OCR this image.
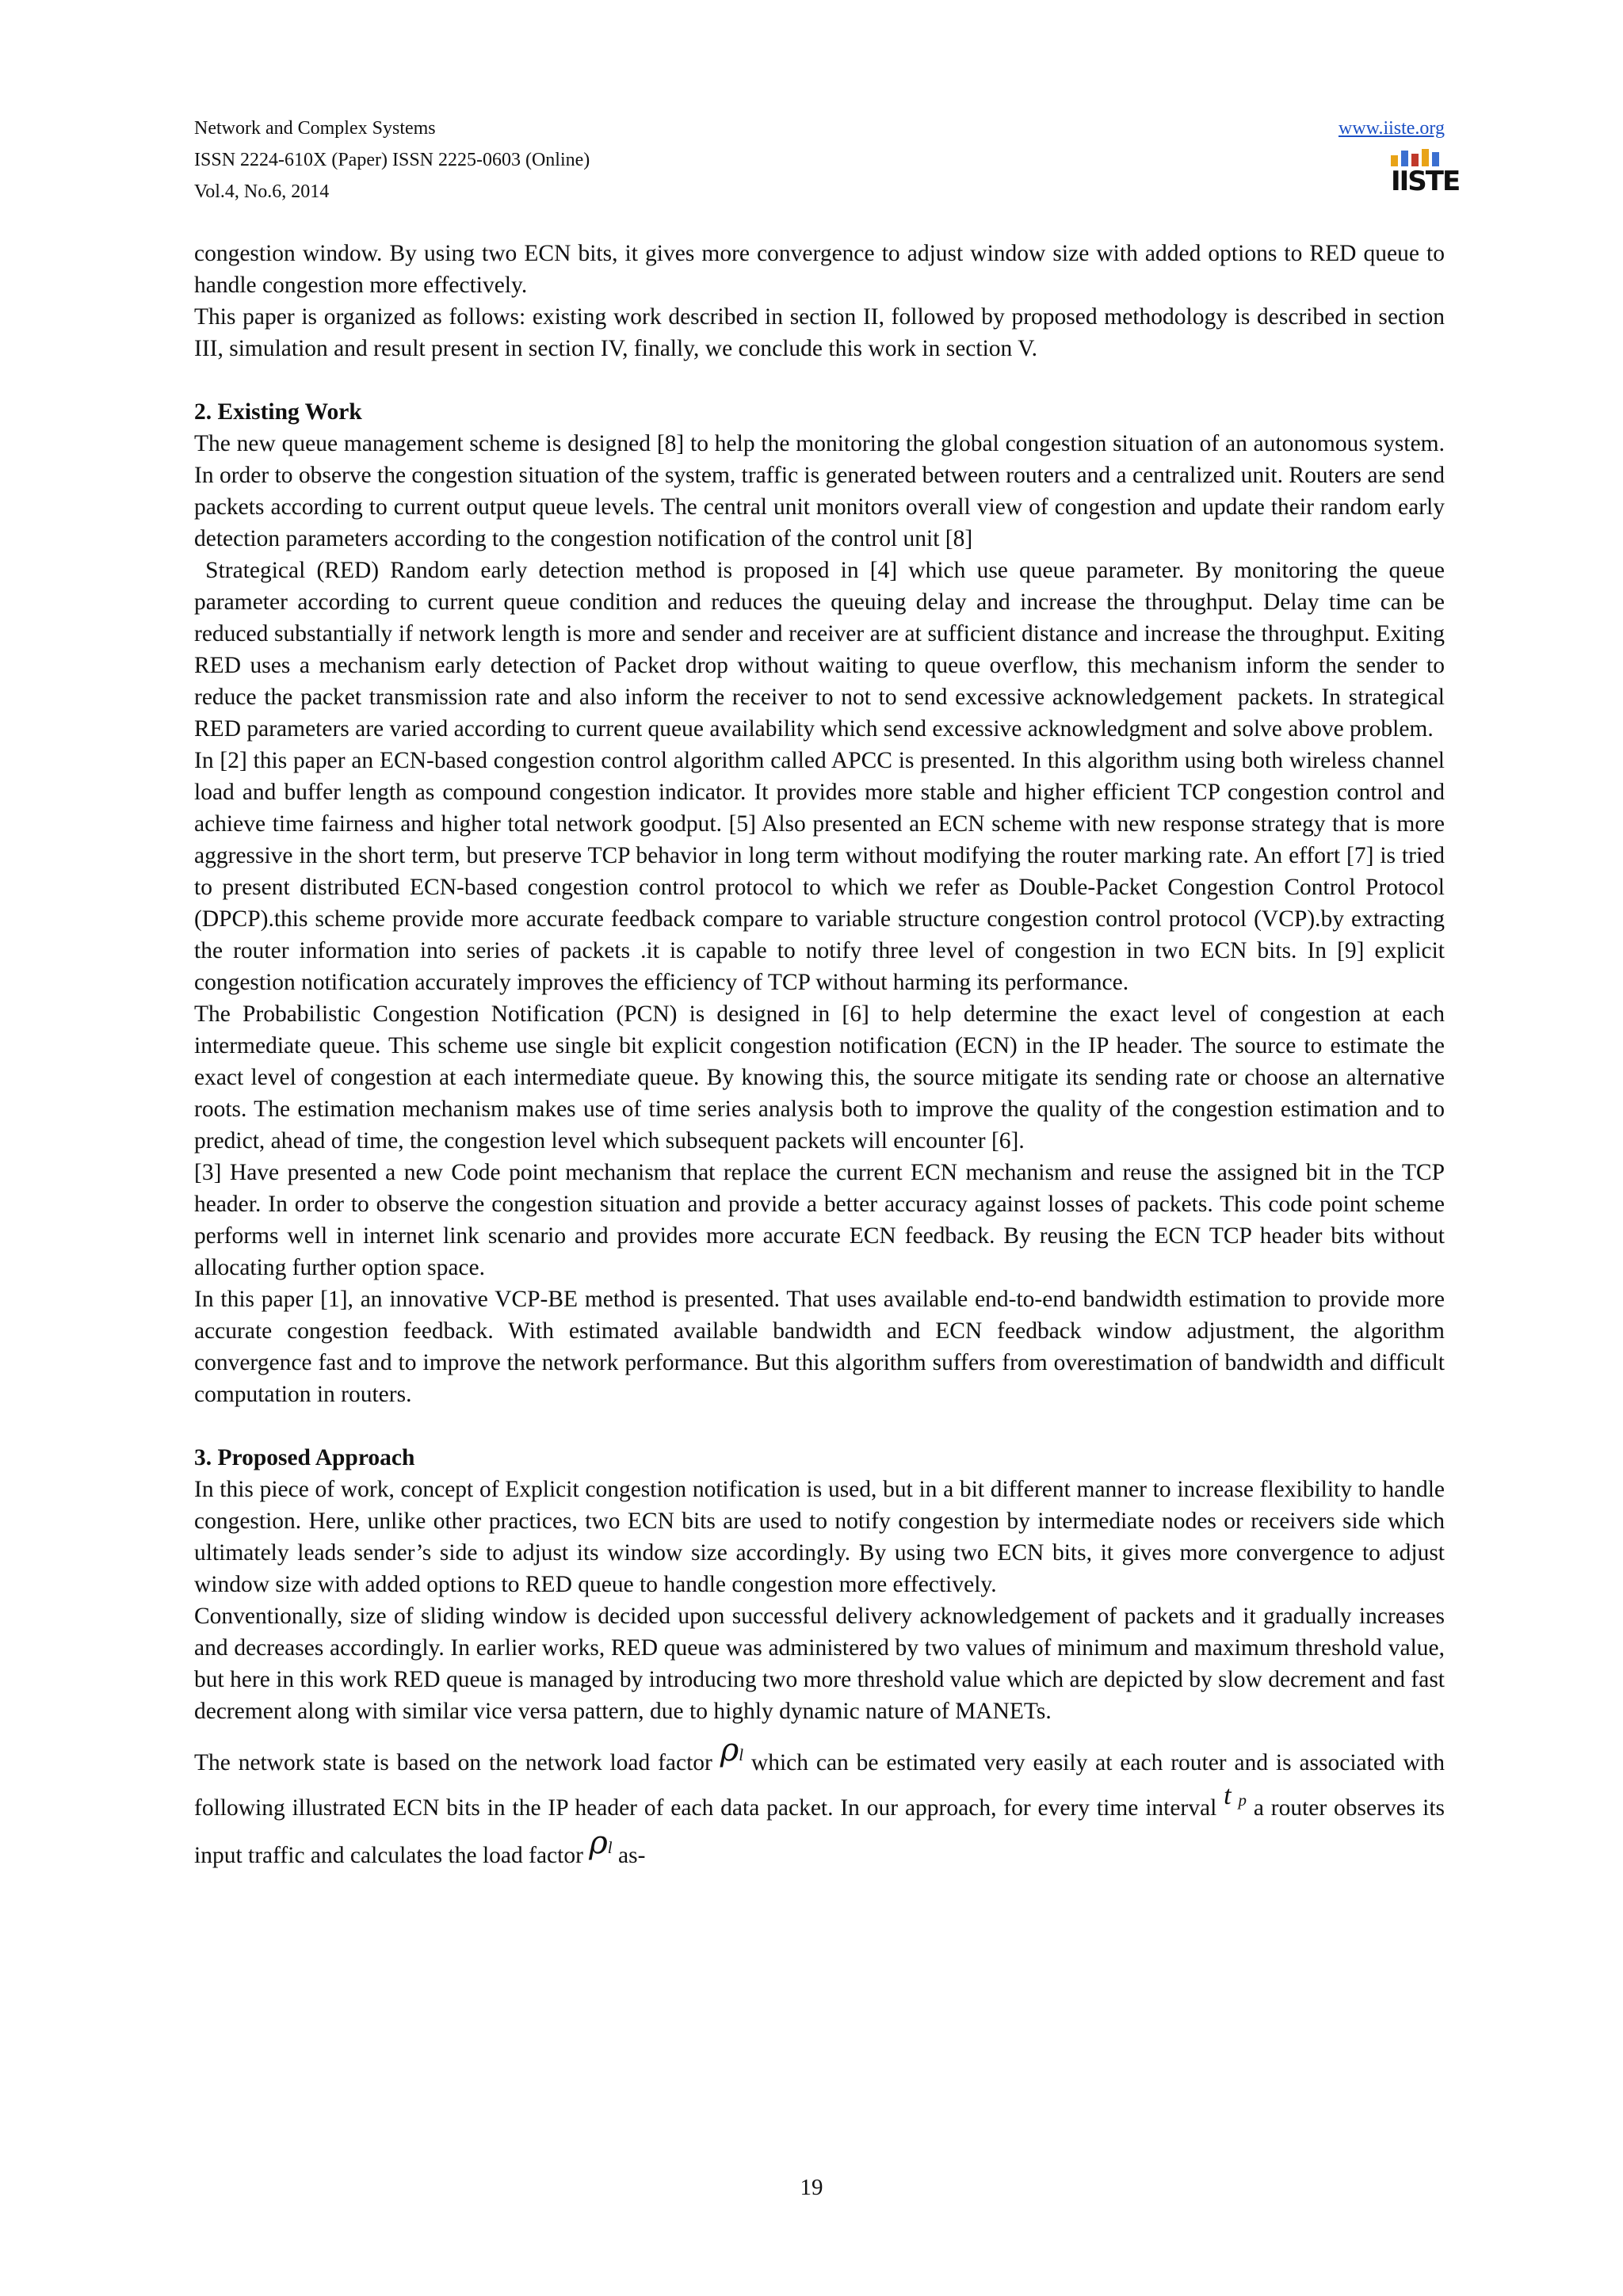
Network and Complex Systems
ISSN 2224-610X (Paper) ISSN 2225-0603 (Online)
Vol.4, No.6, 2014
www.iiste.org
IISTE

congestion window. By using two ECN bits, it gives more convergence to adjust window size with added options to RED queue to handle congestion more effectively.

This paper is organized as follows: existing work described in section II, followed by proposed methodology is described in section III, simulation and result present in section IV, finally, we conclude this work in section V.

2. Existing Work

The new queue management scheme is designed [8] to help the monitoring the global congestion situation of an autonomous system. In order to observe the congestion situation of the system, traffic is generated between routers and a centralized unit. Routers are send packets according to current output queue levels. The central unit monitors overall view of congestion and update their random early detection parameters according to the congestion notification of the control unit [8]

Strategical (RED) Random early detection method is proposed in [4] which use queue parameter. By monitoring the queue parameter according to current queue condition and reduces the queuing delay and increase the throughput. Delay time can be reduced substantially if network length is more and sender and receiver are at sufficient distance and increase the throughput. Exiting RED uses a mechanism early detection of Packet drop without waiting to queue overflow, this mechanism inform the sender to reduce the packet transmission rate and also inform the receiver to not to send excessive acknowledgement  packets. In strategical RED parameters are varied according to current queue availability which send excessive acknowledgment and solve above problem.

In [2] this paper an ECN-based congestion control algorithm called APCC is presented. In this algorithm using both wireless channel load and buffer length as compound congestion indicator. It provides more stable and higher efficient TCP congestion control and achieve time fairness and higher total network goodput. [5] Also presented an ECN scheme with new response strategy that is more aggressive in the short term, but preserve TCP behavior in long term without modifying the router marking rate. An effort [7] is tried to present distributed ECN-based congestion control protocol to which we refer as Double-Packet Congestion Control Protocol (DPCP).this scheme provide more accurate feedback compare to variable structure congestion control protocol (VCP).by extracting the router information into series of packets .it is capable to notify three level of congestion in two ECN bits. In [9] explicit congestion notification accurately improves the efficiency of TCP without harming its performance.

The Probabilistic Congestion Notification (PCN) is designed in [6] to help determine the exact level of congestion at each intermediate queue. This scheme use single bit explicit congestion notification (ECN) in the IP header. The source to estimate the exact level of congestion at each intermediate queue. By knowing this, the source mitigate its sending rate or choose an alternative roots. The estimation mechanism makes use of time series analysis both to improve the quality of the congestion estimation and to predict, ahead of time, the congestion level which subsequent packets will encounter [6].

[3] Have presented a new Code point mechanism that replace the current ECN mechanism and reuse the assigned bit in the TCP header. In order to observe the congestion situation and provide a better accuracy against losses of packets. This code point scheme performs well in internet link scenario and provides more accurate ECN feedback. By reusing the ECN TCP header bits without allocating further option space.

In this paper [1], an innovative VCP-BE method is presented. That uses available end-to-end bandwidth estimation to provide more accurate congestion feedback. With estimated available bandwidth and ECN feedback window adjustment, the algorithm convergence fast and to improve the network performance. But this algorithm suffers from overestimation of bandwidth and difficult computation in routers.

3. Proposed Approach

In this piece of work, concept of Explicit congestion notification is used, but in a bit different manner to increase flexibility to handle congestion. Here, unlike other practices, two ECN bits are used to notify congestion by intermediate nodes or receivers side which ultimately leads sender’s side to adjust its window size accordingly. By using two ECN bits, it gives more convergence to adjust window size with added options to RED queue to handle congestion more effectively.

Conventionally, size of sliding window is decided upon successful delivery acknowledgement of packets and it gradually increases and decreases accordingly. In earlier works, RED queue was administered by two values of minimum and maximum threshold value, but here in this work RED queue is managed by introducing two more threshold value which are depicted by slow decrement and fast decrement along with similar vice versa pattern, due to highly dynamic nature of MANETs.

The network state is based on the network load factor $\rho^l$ which can be estimated very easily at each router and is associated with following illustrated ECN bits in the IP header of each data packet. In our approach, for every time interval t $^p$ a router observes its input traffic and calculates the load factor $\rho^l$ as-

19
